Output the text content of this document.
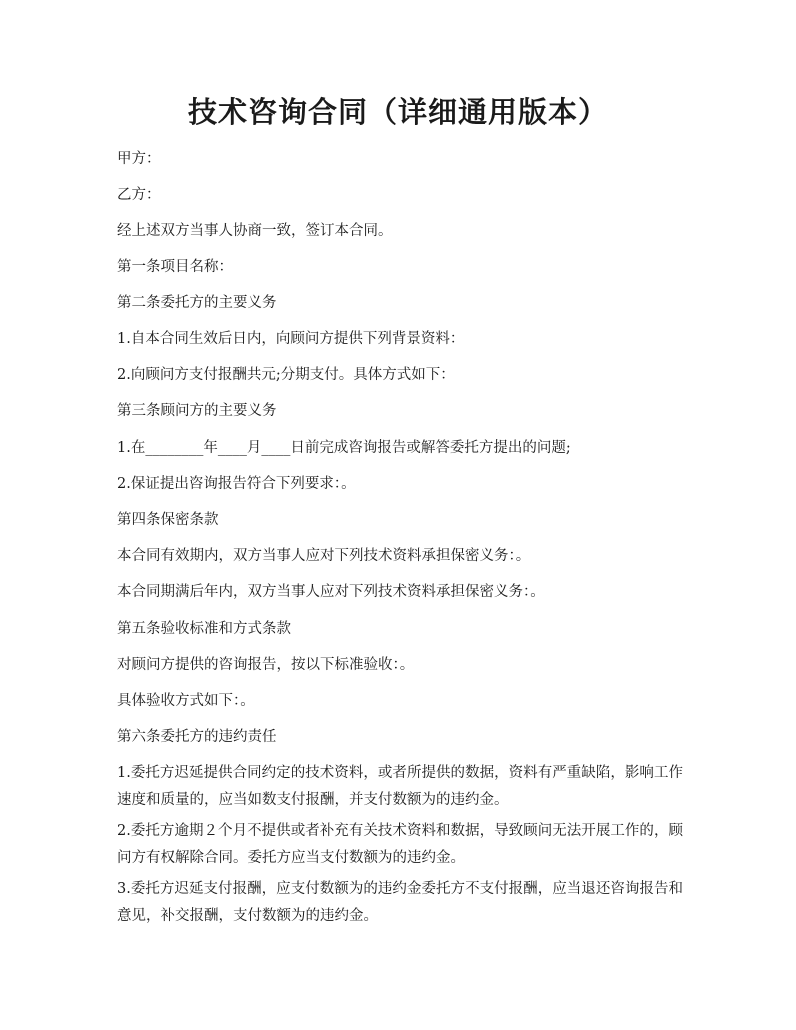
技术咨询合同（详细通用版本）

甲方：

乙方：

经上述双方当事人协商一致，签订本合同。

第一条项目名称：

第二条委托方的主要义务

1.自本合同生效后日内，向顾问方提供下列背景资料：

2.向顾问方支付报酬共元;分期支付。具体方式如下：

第三条顾问方的主要义务

1.在________年____月____日前完成咨询报告或解答委托方提出的问题;

2.保证提出咨询报告符合下列要求：。

第四条保密条款

本合同有效期内，双方当事人应对下列技术资料承担保密义务：。

本合同期满后年内，双方当事人应对下列技术资料承担保密义务：。

第五条验收标准和方式条款

对顾问方提供的咨询报告，按以下标准验收：。

具体验收方式如下：。

第六条委托方的违约责任

1.委托方迟延提供合同约定的技术资料，或者所提供的数据，资料有严重缺陷，影响工作速度和质量的，应当如数支付报酬，并支付数额为的违约金。

2.委托方逾期２个月不提供或者补充有关技术资料和数据，导致顾问无法开展工作的，顾问方有权解除合同。委托方应当支付数额为的违约金。

3.委托方迟延支付报酬，应支付数额为的违约金委托方不支付报酬，应当退还咨询报告和意见，补交报酬，支付数额为的违约金。
